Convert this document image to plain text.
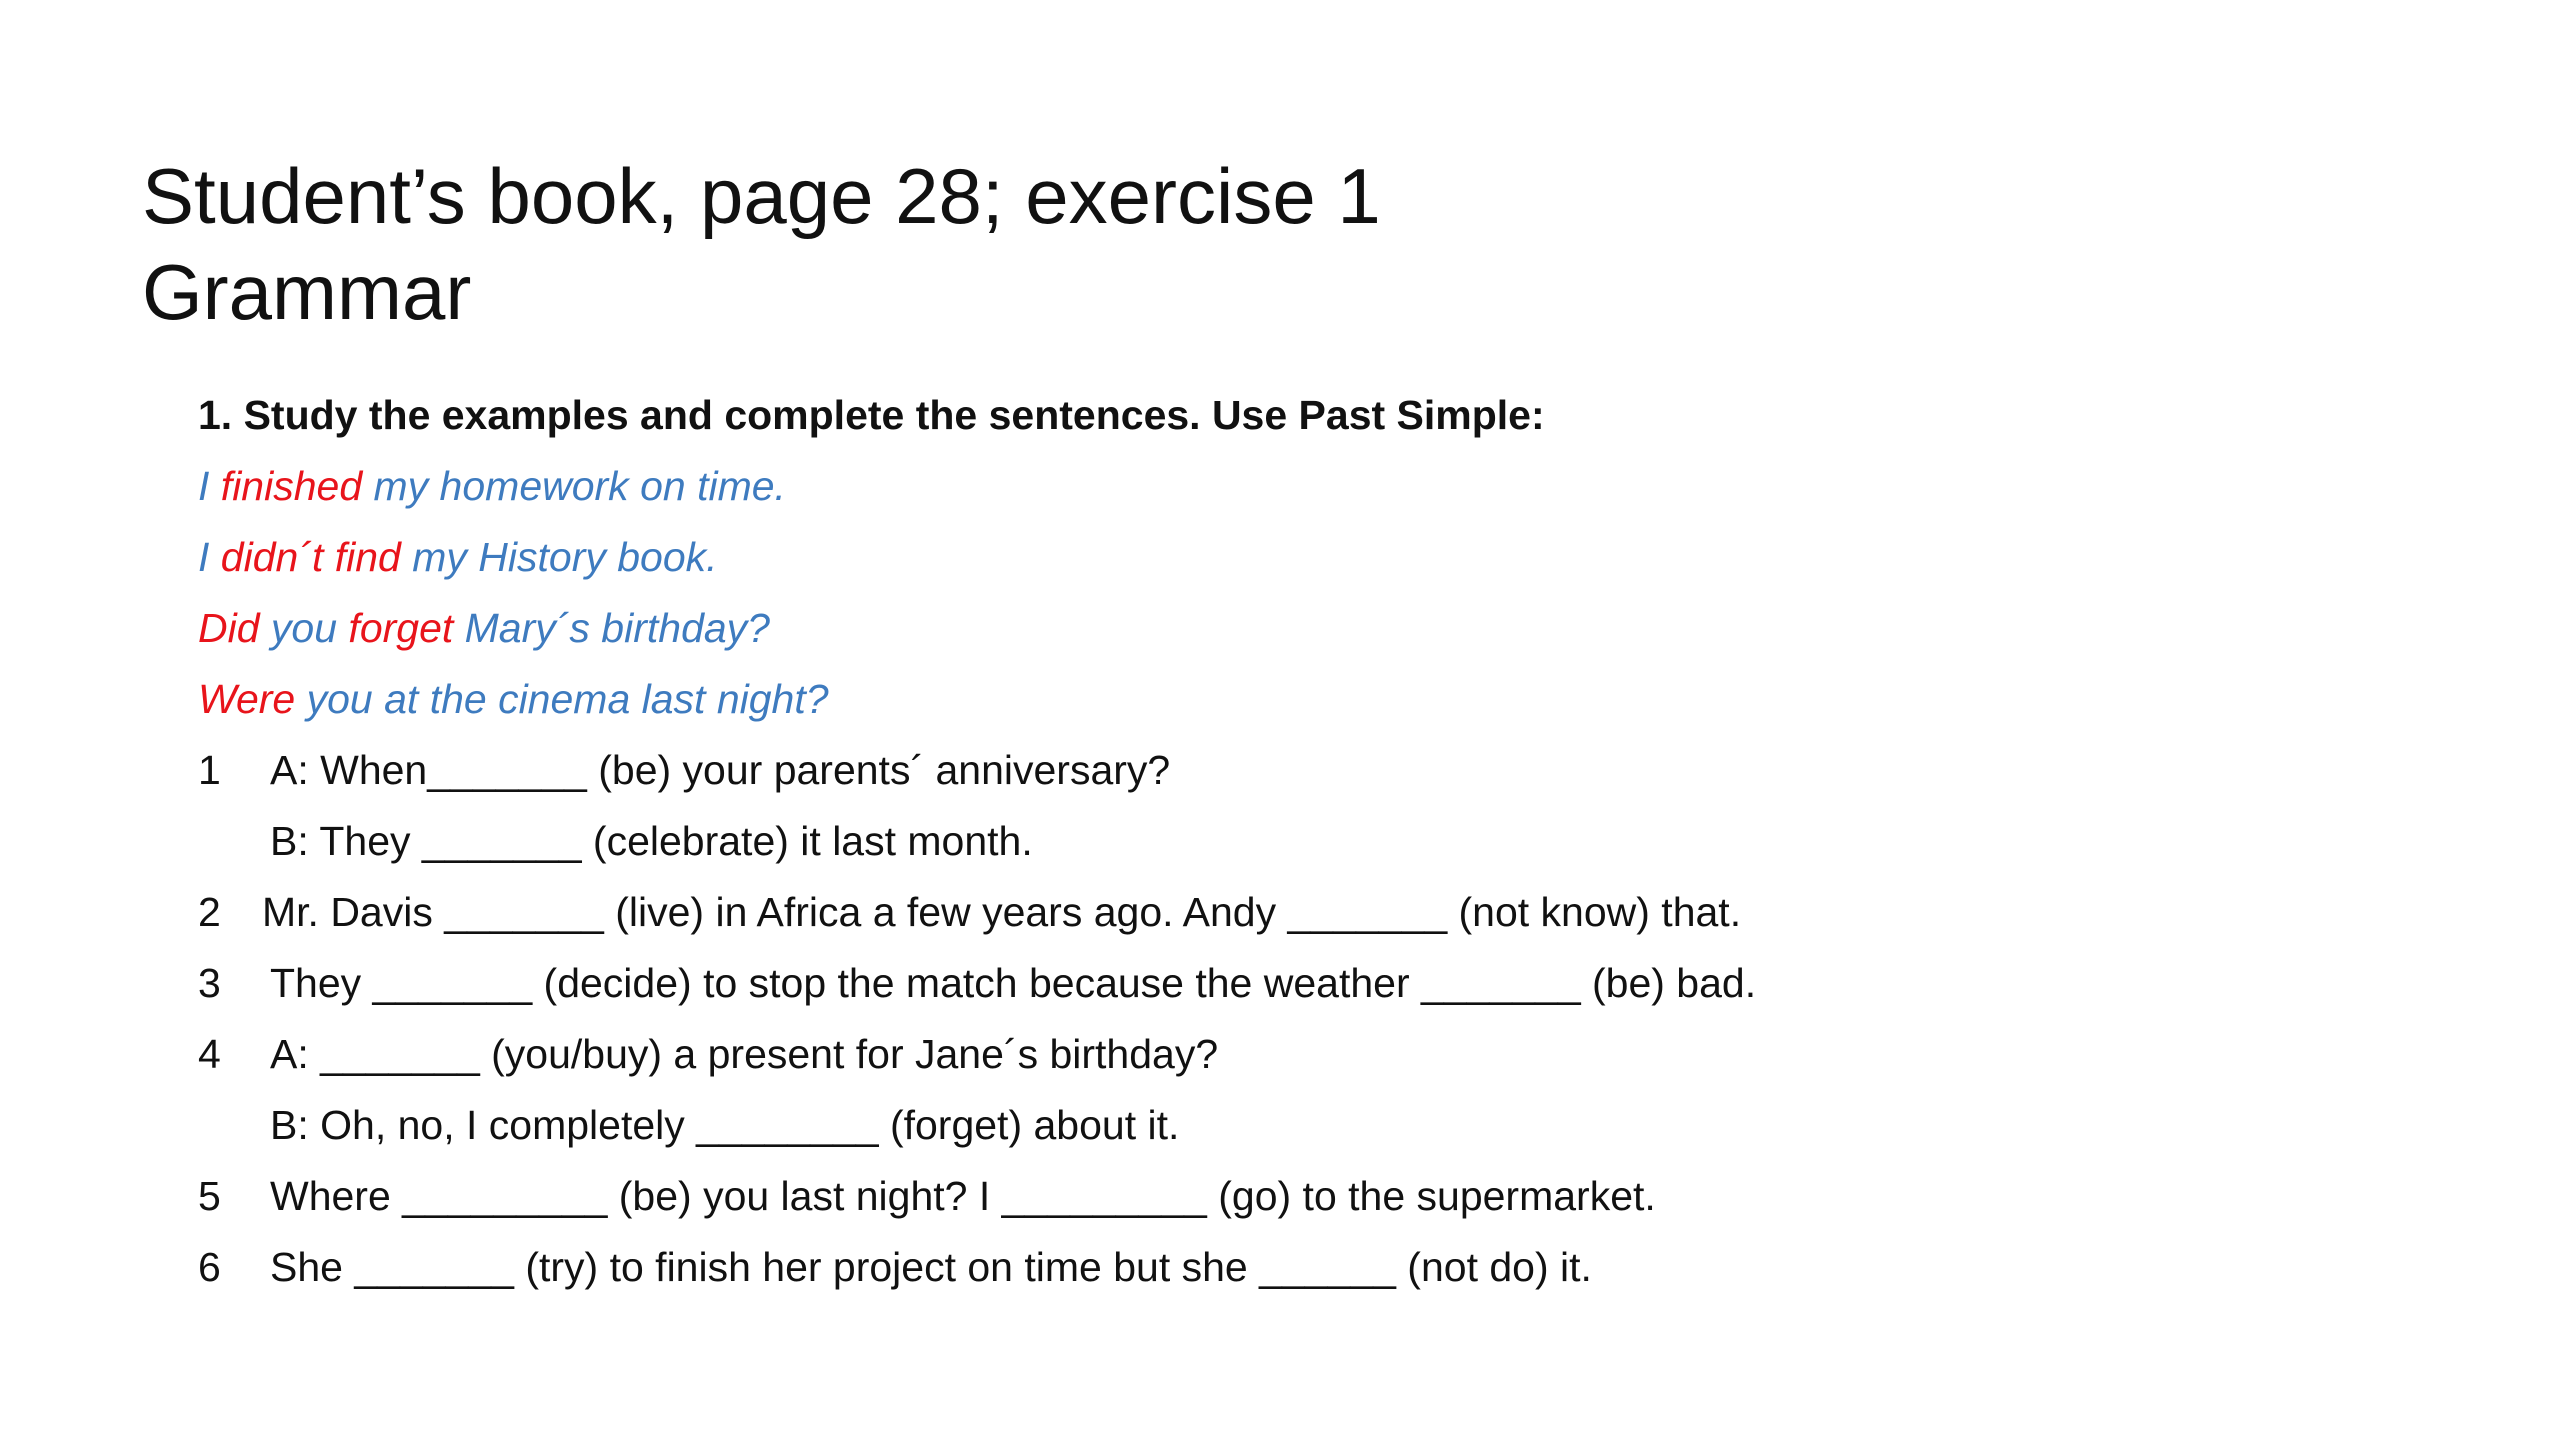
Student’s book, page 28; exercise 1
Grammar
1. Study the examples and complete the sentences. Use Past Simple:
I finished my homework on time.
I didn´t find my History book.
Did you forget Mary´s birthday?
Were you at the cinema last night?
1 A: When_______ (be) your parents´ anniversary?
B: They _______ (celebrate) it last month.
2 Mr. Davis _______ (live) in Africa a few years ago. Andy _______ (not know) that.
3 They _______ (decide) to stop the match because the weather _______ (be) bad.
4 A: _______ (you/buy) a present for Jane´s birthday?
B: Oh, no, I completely ________ (forget) about it.
5 Where _________ (be) you last night? I _________ (go) to the supermarket.
6 She _______ (try) to finish her project on time but she ______ (not do) it.
